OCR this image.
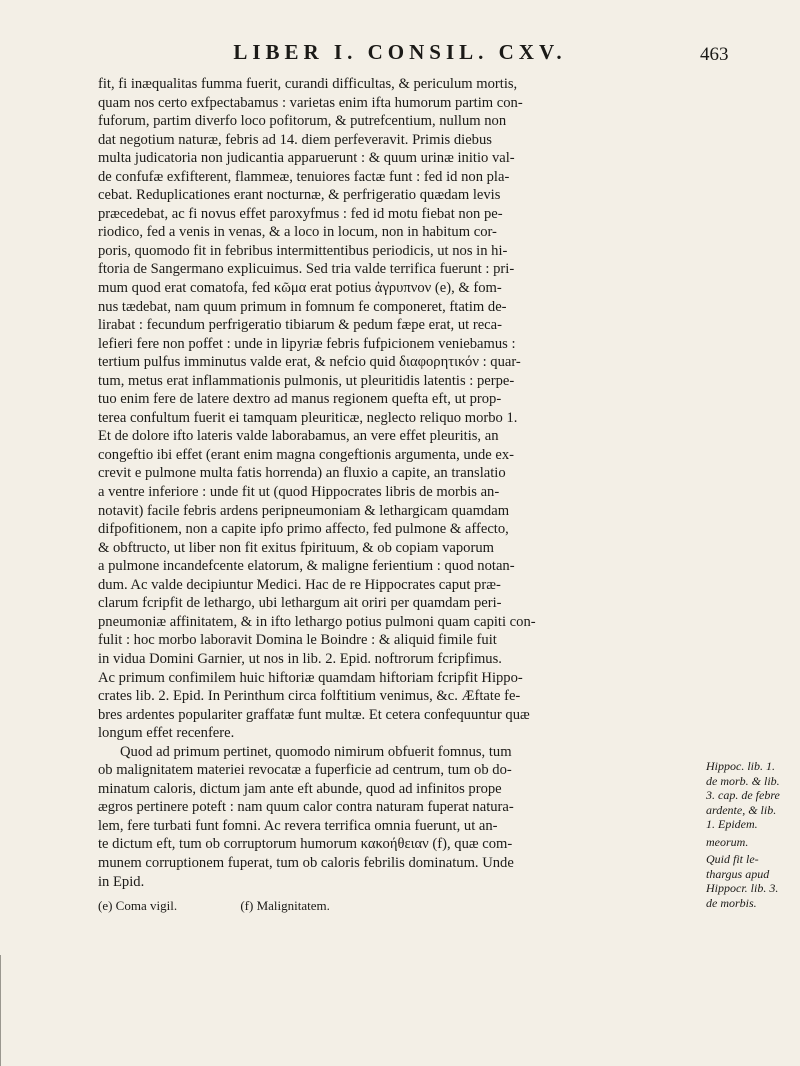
LIBER I. CONSIL. CXV.	463
fit, fi inæqualitas fumma fuerit, curandi difficultas, & periculum mortis,
quam nos certo exfpectabamus : varietas enim ifta humorum partim con-
fuforum, partim diverfo loco pofitorum, & putrefcentium, nullum non
dat negotium naturæ, febris ad 14. diem perfeveravit. Primis diebus
multa judicatoria non judicantia apparuerunt : & quum urinæ initio val-
de confufæ exfifterent, flammeæ, tenuiores factæ funt : fed id non pla-
cebat. Reduplicationes erant nocturnæ, & perfrigeratio quædam levis
præcedebat, ac fi novus effet paroxyfmus : fed id motu fiebat non pe-
riodico, fed a venis in venas, & a loco in locum, non in habitum cor-
poris, quomodo fit in febribus intermittentibus periodicis, ut nos in hi-
ftoria de Sangermano explicuimus. Sed tria valde terrifica fuerunt : pri-
mum quod erat comatofa, fed κῶμα erat potius ἀγρυπνον (e), & fom-
nus tædebat, nam quum primum in fomnum fe componeret, ftatim de-
lirabat : fecundum perfrigeratio tibiarum & pedum fæpe erat, ut reca-
lefieri fere non poffet : unde in lipyriæ febris fufpicionem veniebamus :
tertium pulfus imminutus valde erat, & nefcio quid διαφορητικόν : quar-
tum, metus erat inflammationis pulmonis, ut pleuritidis latentis : perpe-
tuo enim fere de latere dextro ad manus regionem quefta eft, ut prop-
terea confultum fuerit ei tamquam pleuriticæ, neglecto reliquo morbo 1.
Et de dolore ifto lateris valde laborabamus, an vere effet pleuritis, an
congeftio ibi effet (erant enim magna congeftionis argumenta, unde ex-
crevit e pulmone multa fatis horrenda) an fluxio a capite, an translatio
a ventre inferiore : unde fit ut (quod Hippocrates libris de morbis an-
notavit) facile febris ardens peripneumoniam & lethargicam quamdam
difpofitionem, non a capite ipfo primo affecto, fed pulmone & affecto,
& obftructo, ut liber non fit exitus fpirituum, & ob copiam vaporum
a pulmone incandefcente elatorum, & maligne ferientium : quod notan-
dum. Ac valde decipiuntur Medici. Hac de re Hippocrates caput præ-
clarum fcripfit de lethargo, ubi lethargum ait oriri per quamdam peri-
pneumoniæ affinitatem, & in ifto lethargo potius pulmoni quam capiti con-
fulit : hoc morbo laboravit Domina le Boindre : & aliquid fimile fuit
in vidua Domini Garnier, ut nos in lib. 2. Epid. noftrorum fcripfimus.
Ac primum confimilem huic hiftoriæ quamdam hiftoriam fcripfit Hippo-
crates lib. 2. Epid. In Perinthum circa folftitium venimus, &c. Æftate fe-
bres ardentes populariter graffatæ funt multæ. Et cetera confequuntur quæ
longum effet recenfere.
Quod ad primum pertinet, quomodo nimirum obfuerit fomnus, tum
ob malignitatem materiei revocatæ a fuperficie ad centrum, tum ob do-
minatum caloris, dictum jam ante eft abunde, quod ad infinitos prope
ægros pertinere poteft : nam quum calor contra naturam fuperat natura-
lem, fere turbati funt fomni. Ac revera terrifica omnia fuerunt, ut an-
te dictum eft, tum ob corruptorum humorum κακοήθειαν (f), quæ com-
munem corruptionem fuperat, tum ob caloris febrilis dominatum. Unde
in Epid.
Hippoc. lib. 1. de morb. & lib. 3. cap. de febre ardente, & lib. 1. Epidem.
meorum.
Quid fit le-thargus apud Hippocr. lib. 3. de morbis.
(e) Coma vigil.	(f) Malignitatem.
